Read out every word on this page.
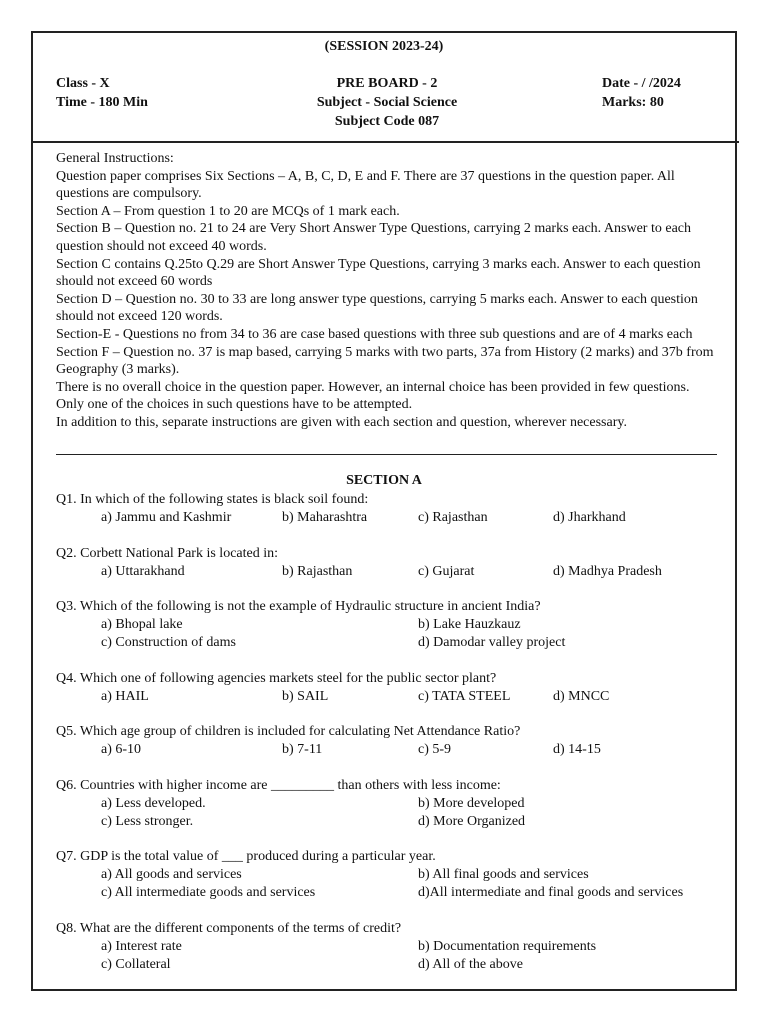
(SESSION 2023-24)
Class - X
Time - 180 Min
PRE BOARD - 2
Subject - Social Science
Subject Code 087
Date - / /2024
Marks: 80
General Instructions:
Question paper comprises Six Sections – A, B, C, D, E and F. There are 37 questions in the question paper. All questions are compulsory.
Section A – From question 1 to 20 are MCQs of 1 mark each.
Section B – Question no. 21 to 24 are Very Short Answer Type Questions, carrying 2 marks each. Answer to each question should not exceed 40 words.
Section C contains Q.25to Q.29 are Short Answer Type Questions, carrying 3 marks each. Answer to each question should not exceed 60 words
Section D – Question no. 30 to 33 are long answer type questions, carrying 5 marks each. Answer to each question should not exceed 120 words.
Section-E - Questions no from 34 to 36 are case based questions with three sub questions and are of 4 marks each
Section F – Question no. 37 is map based, carrying 5 marks with two parts, 37a from History (2 marks) and 37b from Geography (3 marks).
There is no overall choice in the question paper. However, an internal choice has been provided in few questions. Only one of the choices in such questions have to be attempted.
In addition to this, separate instructions are given with each section and question, wherever necessary.
SECTION A
Q1. In which of the following states is black soil found:
a) Jammu and Kashmir	b) Maharashtra	c) Rajasthan	d) Jharkhand
Q2. Corbett National Park is located in:
a) Uttarakhand	b) Rajasthan	c) Gujarat	d) Madhya Pradesh
Q3. Which of the following is not the example of Hydraulic structure in ancient India?
a) Bhopal lake	b) Lake Hauzkauz
c) Construction of dams	d) Damodar valley project
Q4. Which one of following agencies markets steel for the public sector plant?
a) HAIL	b) SAIL	c) TATA STEEL	d) MNCC
Q5. Which age group of children is included for calculating Net Attendance Ratio?
a) 6-10	b) 7-11	c) 5-9	d) 14-15
Q6. Countries with higher income are _________ than others with less income:
a) Less developed.	b) More developed
c) Less stronger.	d) More Organized
Q7. GDP is the total value of ___ produced during a particular year.
a) All goods and services	b) All final goods and services
c) All intermediate goods and services	d)All intermediate and final goods and services
Q8. What are the different components of the terms of credit?
a) Interest rate	b) Documentation requirements
c) Collateral	d) All of the above
